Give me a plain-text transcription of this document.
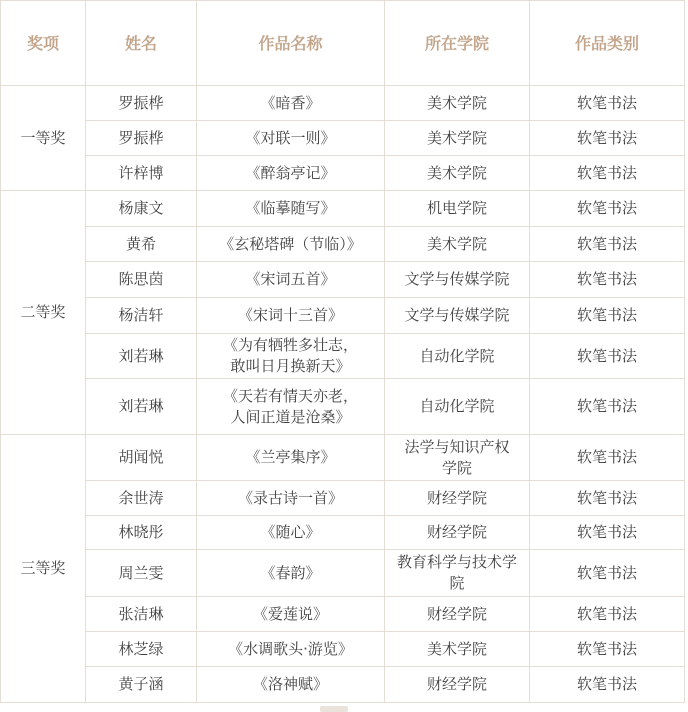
奖项	姓名	作品名称	所在学院	作品类别
一等奖	罗振桦	《暗香》	美术学院	软笔书法
	罗振桦	《对联一则》	美术学院	软笔书法
	许梓博	《醉翁亭记》	美术学院	软笔书法
二等奖	杨康文	《临摹随写》	机电学院	软笔书法
	黄希	《玄秘塔碑（节临）》	美术学院	软笔书法
	陈思茵	《宋词五首》	文学与传媒学院	软笔书法
	杨洁轩	《宋词十三首》	文学与传媒学院	软笔书法
	刘若琳	《为有牺牲多壮志，
敢叫日月换新天》	自动化学院	软笔书法
	刘若琳	《天若有情天亦老，
人间正道是沧桑》	自动化学院	软笔书法
三等奖	胡闻悦	《兰亭集序》	法学与知识产权
学院	软笔书法
	余世涛	《录古诗一首》	财经学院	软笔书法
	林晓彤	《随心》	财经学院	软笔书法
	周兰雯	《春韵》	教育科学与技术学
院	软笔书法
	张洁琳	《爱莲说》	财经学院	软笔书法
	林芝绿	《水调歌头·游览》	美术学院	软笔书法
	黄子涵	《洛神赋》	财经学院	软笔书法
